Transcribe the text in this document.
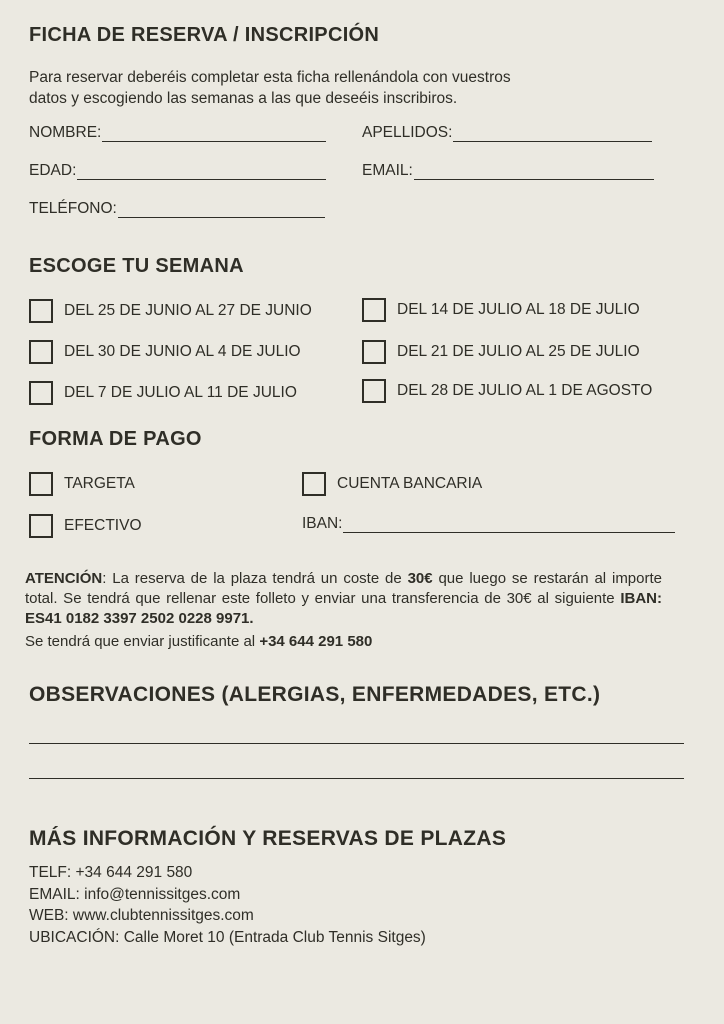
FICHA DE RESERVA / INSCRIPCIÓN
Para reservar deberéis completar esta ficha rellenándola con vuestros
datos y escogiendo las semanas a las que deseéis inscribiros.
NOMBRE:	APELLIDOS:
EDAD:	EMAIL:
TELÉFONO:
ESCOGE TU SEMANA
DEL 25 DE JUNIO AL 27 DE JUNIO	DEL 14 DE JULIO AL 18 DE JULIO
DEL 30 DE JUNIO AL 4 DE JULIO	DEL 21 DE JULIO AL 25 DE JULIO
DEL 7 DE JULIO AL 11 DE JULIO	DEL 28 DE JULIO AL 1 DE AGOSTO
FORMA DE PAGO
TARGETA	CUENTA BANCARIA
EFECTIVO	IBAN:
ATENCIÓN: La reserva de la plaza tendrá un coste de 30€ que luego se restarán al importe total. Se tendrá que rellenar este folleto y enviar una transferencia de 30€ al siguiente IBAN: ES41 0182 3397 2502 0228 9971.
Se tendrá que enviar justificante al +34 644 291 580
OBSERVACIONES (ALERGIAS, ENFERMEDADES, ETC.)
MÁS INFORMACIÓN Y RESERVAS DE PLAZAS
TELF: +34 644 291 580
EMAIL: info@tennissitges.com
WEB: www.clubtennissitges.com
UBICACIÓN: Calle Moret 10 (Entrada Club Tennis Sitges)
